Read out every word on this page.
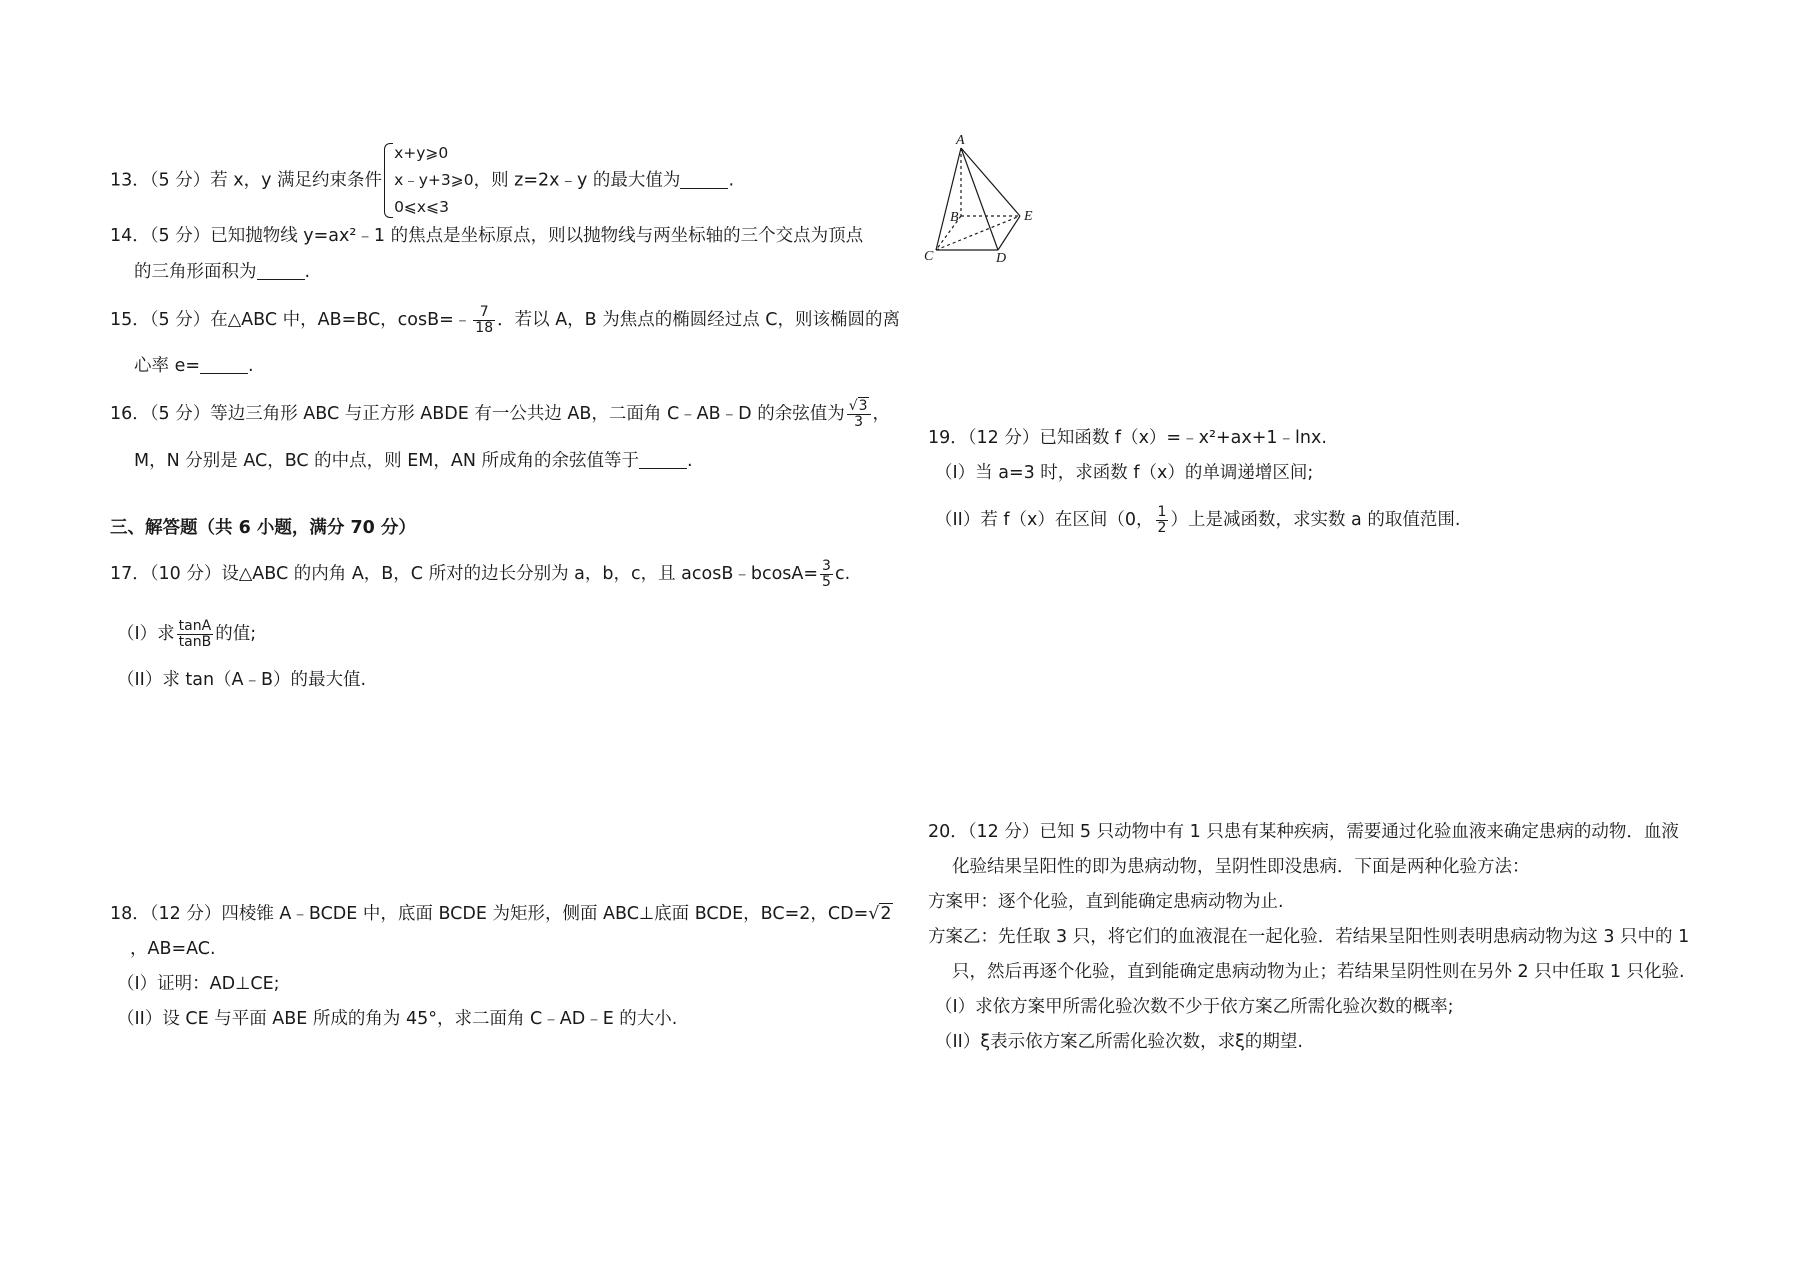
13．（5 分）若 x，y 满足约束条件
x+y⩾0
x﹣y+3⩾0
0⩽x⩽3
，则 z=2x﹣y 的最大值为	.
14．（5 分）已知抛物线 y=ax²﹣1 的焦点是坐标原点，则以抛物线与两坐标轴的三个交点为顶点
的三角形面积为	.
15．（5 分）在△ABC 中，AB=BC，cosB=﹣ $\frac{7}{18}$ ．若以 A，B 为焦点的椭圆经过点 C，则该椭圆的离
心率 e=	.
16．（5 分）等边三角形 ABC 与正方形 ABDE 有一公共边 AB，二面角 C﹣AB﹣D 的余弦值为 $\frac{√3}{3}$ ，
M，N 分别是 AC，BC 的中点，则 EM，AN 所成角的余弦值等于	.
三、解答题（共 6 小题，满分 70 分）
17．（10 分）设△ABC 的内角 A，B，C 所对的边长分别为 a，b，c，且 acosB﹣bcosA= $\frac{3}{5} c$.
（I）求 $\frac{\tan A}{\tan B}$ 的值;
（II）求 tan（A﹣B）的最大值.
18．（12 分）四棱锥 A﹣BCDE 中，底面 BCDE 为矩形，侧面 ABC⊥底面 BCDE，BC=2，CD=√2
，AB=AC.
（I）证明：AD⊥CE;
（II）设 CE 与平面 ABE 所成的角为 45°，求二面角 C﹣AD﹣E 的大小.
A
B
C	D
E
19．（12 分）已知函数 f（x）=﹣x²+ax+1﹣lnx.
（I）当 a=3 时，求函数 f（x）的单调递增区间;
（II）若 f（x）在区间（0， $\frac{1}{2}$ ）上是减函数，求实数 a 的取值范围.
20．（12 分）已知 5 只动物中有 1 只患有某种疾病，需要通过化验血液来确定患病的动物．血液
化验结果呈阳性的即为患病动物，呈阴性即没患病．下面是两种化验方法：
方案甲：逐个化验，直到能确定患病动物为止.
方案乙：先任取 3 只，将它们的血液混在一起化验．若结果呈阳性则表明患病动物为这 3 只中的 1
只，然后再逐个化验，直到能确定患病动物为止；若结果呈阴性则在另外 2 只中任取 1 只化验.
（I）求依方案甲所需化验次数不少于依方案乙所需化验次数的概率;
（II）ξ表示依方案乙所需化验次数，求ξ的期望.
